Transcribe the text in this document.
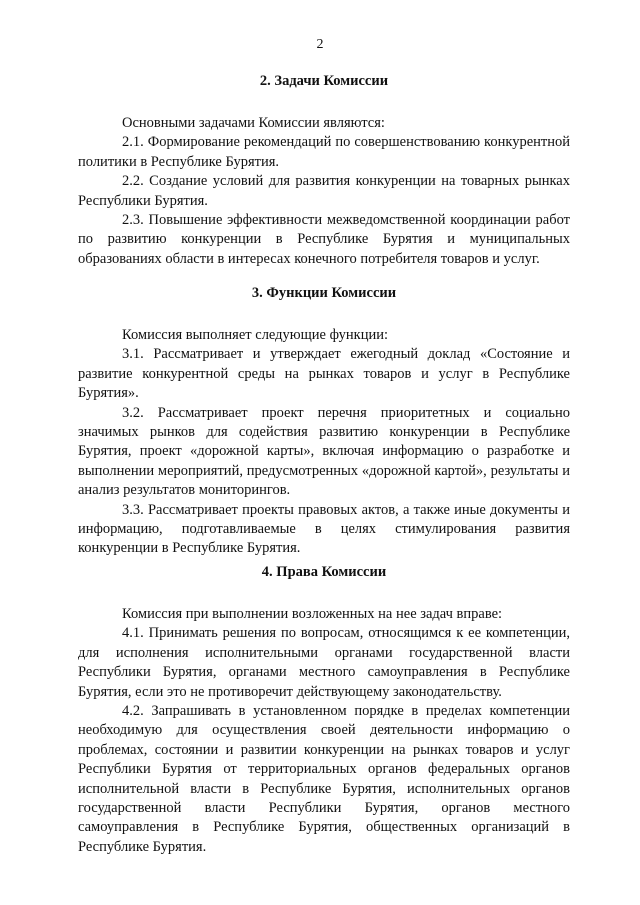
2
2. Задачи Комиссии

Основными задачами Комиссии являются:

2.1. Формирование рекомендаций по совершенствованию конкурентной политики в Республике Бурятия.

2.2. Создание условий для развития конкуренции на товарных рынках Республики Бурятия.

2.3. Повышение эффективности межведомственной координации работ по развитию конкуренции в Республике Бурятия и муниципальных образованиях области в интересах конечного потребителя товаров и услуг.

3. Функции Комиссии

Комиссия выполняет следующие функции:

3.1. Рассматривает и утверждает ежегодный доклад «Состояние и развитие конкурентной среды на рынках товаров и услуг в Республике Бурятия».

3.2. Рассматривает проект перечня приоритетных и социально значимых рынков для содействия развитию конкуренции в Республике Бурятия, проект «дорожной карты», включая информацию о разработке и выполнении мероприятий, предусмотренных «дорожной картой», результаты и анализ результатов мониторингов.

3.3. Рассматривает проекты правовых актов, а также иные документы и информацию, подготавливаемые в целях стимулирования развития конкуренции в Республике Бурятия.

4. Права Комиссии

Комиссия при выполнении возложенных на нее задач вправе:

4.1. Принимать решения по вопросам, относящимся к ее компетенции, для исполнения исполнительными органами государственной власти Республики Бурятия, органами местного самоуправления в Республике Бурятия, если это не противоречит действующему законодательству.

4.2. Запрашивать в установленном порядке в пределах компетенции необходимую для осуществления своей деятельности информацию о проблемах, состоянии и развитии конкуренции на рынках товаров и услуг Республики Бурятия от территориальных органов федеральных органов исполнительной власти в Республике Бурятия, исполнительных органов государственной власти Республики Бурятия, органов местного самоуправления в Республике Бурятия, общественных организаций в Республике Бурятия.
